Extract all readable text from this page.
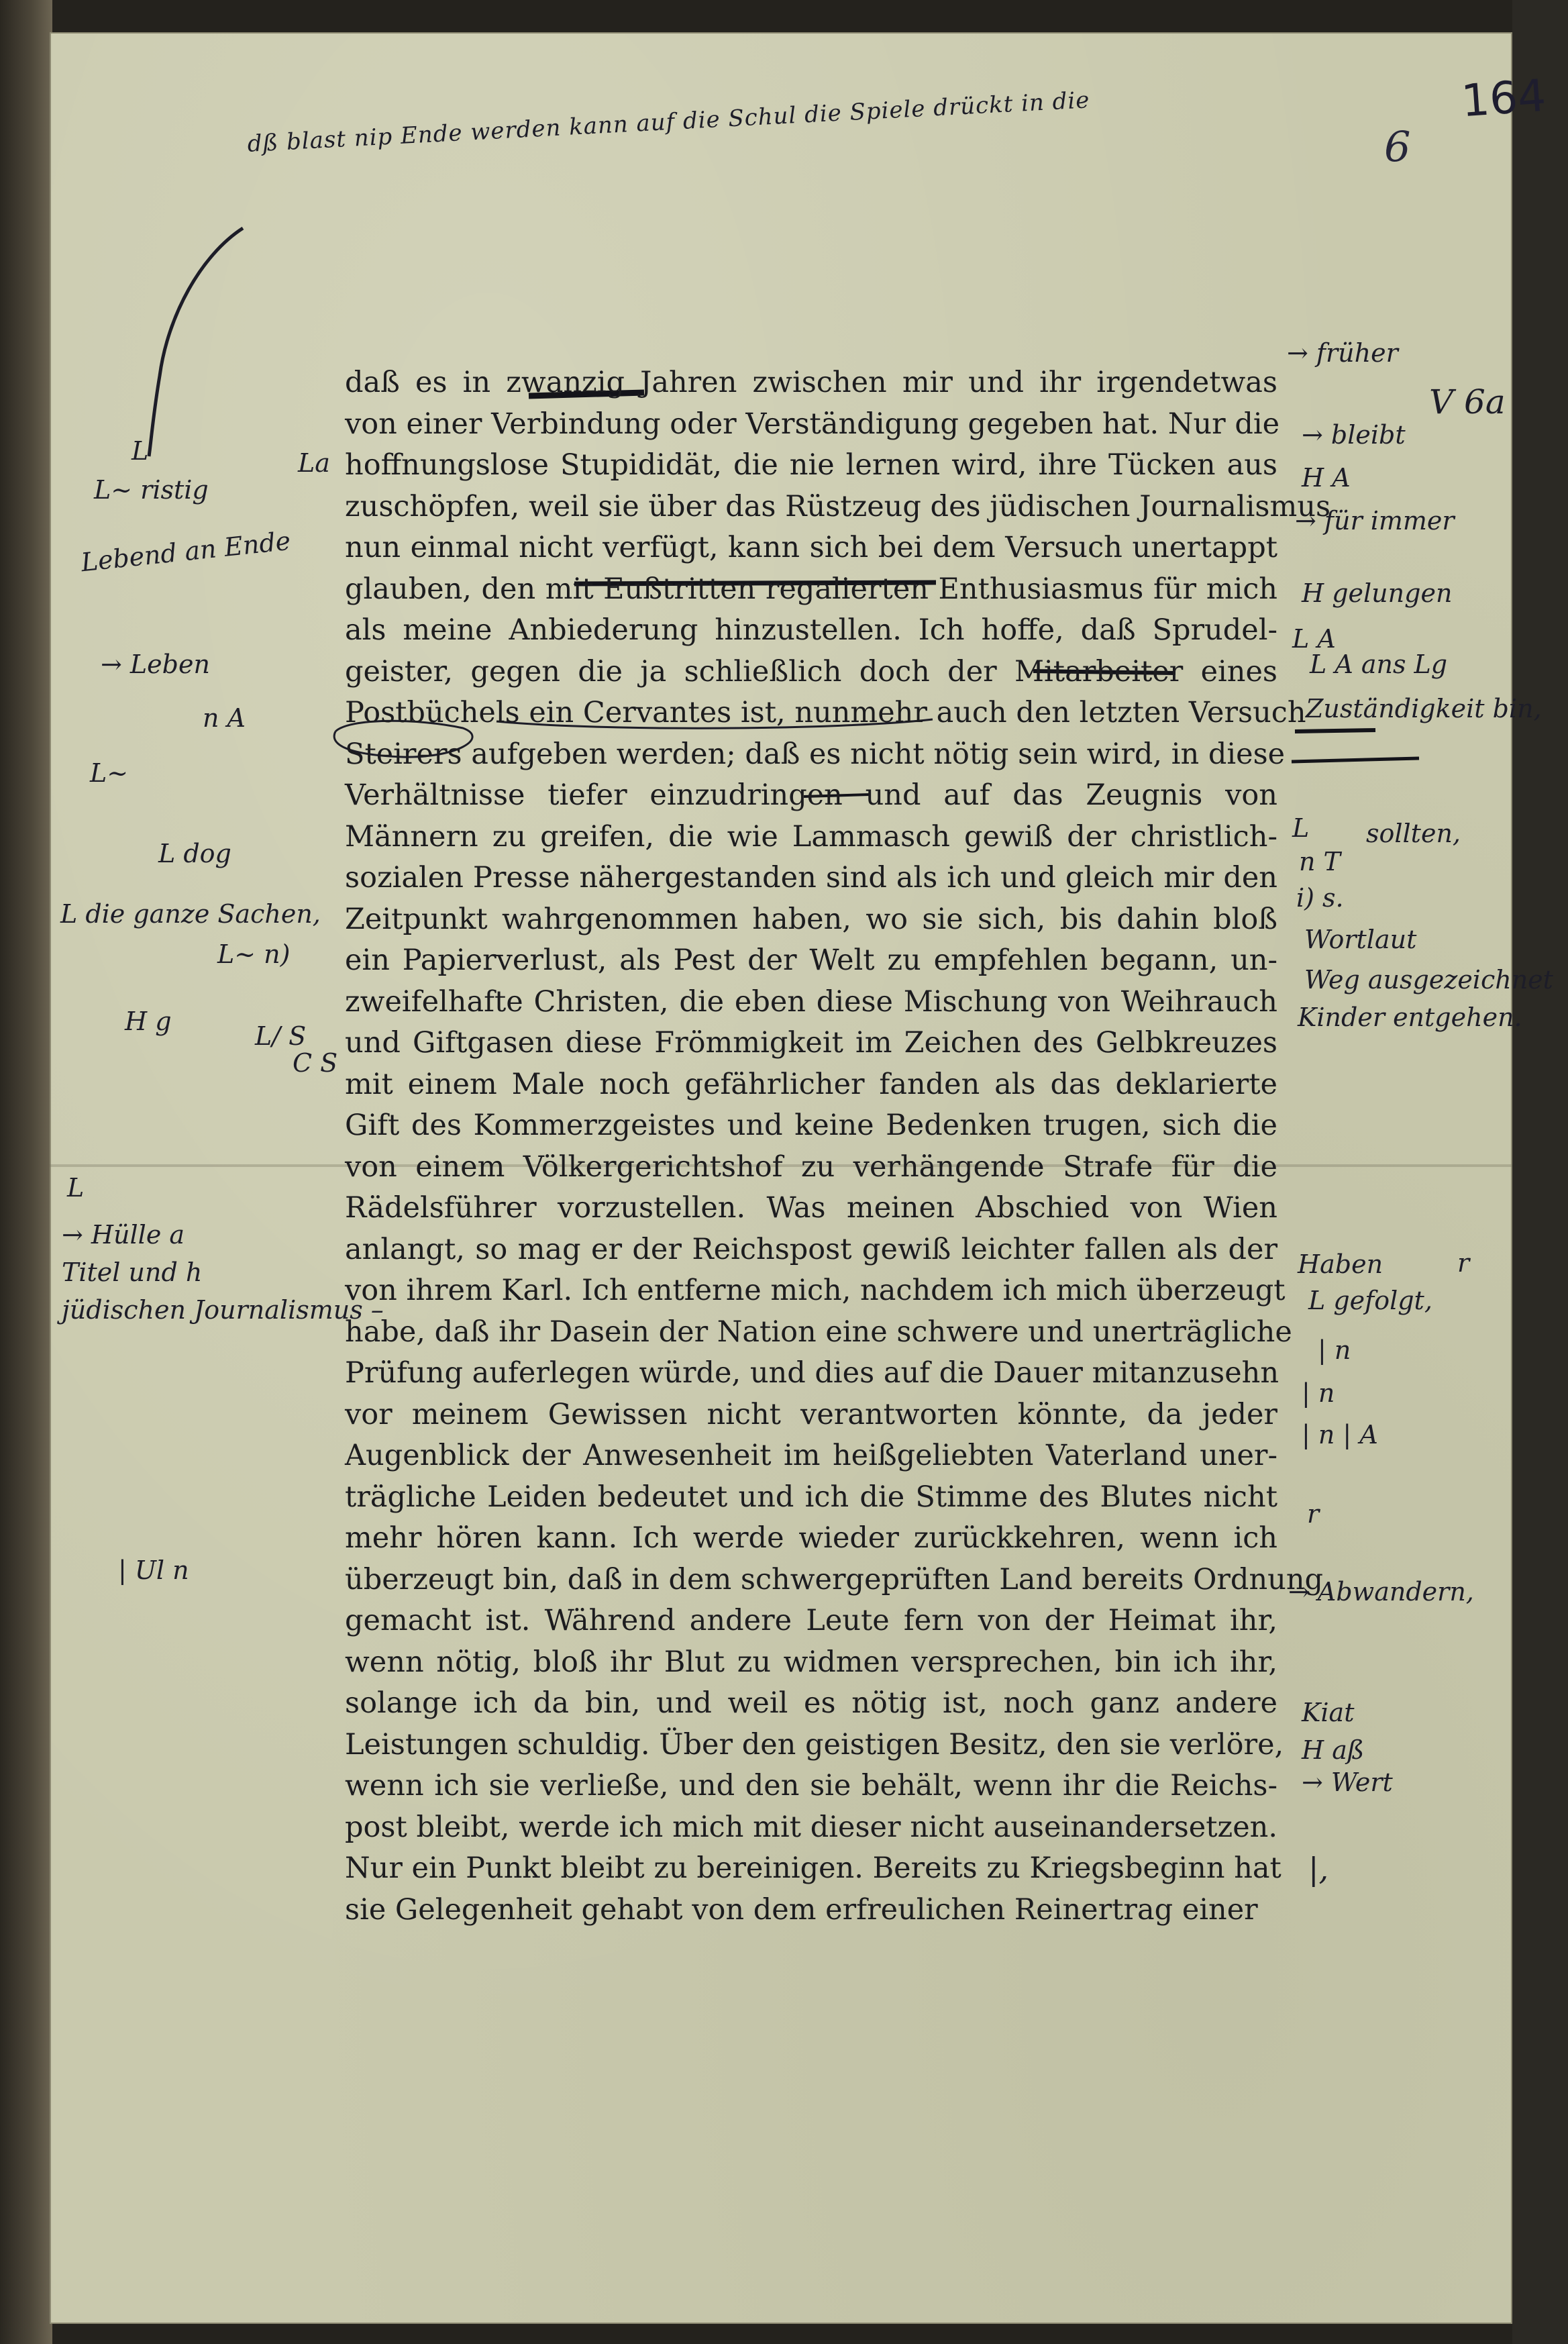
164
6
dß blast nip Ende werden kann auf die Schul die Spiele drückt in die
daß es in zwanzig Jahren zwischen mir und ihr irgendetwas
von einer Verbindung oder Verständigung gegeben hat. Nur die
hoffnungslose Stupididät, die nie lernen wird, ihre Tücken aus
zuschöpfen, weil sie über das Rüstzeug des jüdischen Journalismus
nun einmal nicht verfügt, kann sich bei dem Versuch unertappt
glauben, den mit Eußtritten regalierten Enthusiasmus für mich
als meine Anbiederung hinzustellen. Ich hoffe, daß Sprudel-
geister, gegen die ja schließlich doch der Mitarbeiter eines
Postbüchels ein Cervantes ist, nunmehr auch den letzten Versuch
Steirers aufgeben werden; daß es nicht nötig sein wird, in diese
Verhältnisse tiefer einzudringen und auf das Zeugnis von
Männern zu greifen, die wie Lammasch gewiß der christlich-
sozialen Presse nähergestanden sind als ich und gleich mir den
Zeitpunkt wahrgenommen haben, wo sie sich, bis dahin bloß
ein Papierverlust, als Pest der Welt zu empfehlen begann, un-
zweifelhafte Christen, die eben diese Mischung von Weihrauch
und Giftgasen diese Frömmigkeit im Zeichen des Gelbkreuzes
mit einem Male noch gefährlicher fanden als das deklarierte
Gift des Kommerzgeistes und keine Bedenken trugen, sich die
von einem Völkergerichtshof zu verhängende Strafe für die
Rädelsführer vorzustellen. Was meinen Abschied von Wien
anlangt, so mag er der Reichspost gewiß leichter fallen als der
von ihrem Karl. Ich entferne mich, nachdem ich mich überzeugt
habe, daß ihr Dasein der Nation eine schwere und unerträgliche
Prüfung auferlegen würde, und dies auf die Dauer mitanzusehn
vor meinem Gewissen nicht verantworten könnte, da jeder
Augenblick der Anwesenheit im heißgeliebten Vaterland uner-
trägliche Leiden bedeutet und ich die Stimme des Blutes nicht
mehr hören kann. Ich werde wieder zurückkehren, wenn ich
überzeugt bin, daß in dem schwergeprüften Land bereits Ordnung
gemacht ist. Während andere Leute fern von der Heimat ihr,
wenn nötig, bloß ihr Blut zu widmen versprechen, bin ich ihr,
solange ich da bin, und weil es nötig ist, noch ganz andere
Leistungen schuldig. Über den geistigen Besitz, den sie verlöre,
wenn ich sie verließe, und den sie behält, wenn ihr die Reichs-
post bleibt, werde ich mich mit dieser nicht auseinandersetzen.
Nur ein Punkt bleibt zu bereinigen. Bereits zu Kriegsbeginn hat
sie Gelegenheit gehabt von dem erfreulichen Reinertrag einer
L
L~ ristig
La
Lebend an Ende
→ Leben
n A
L~
L dog
L die ganze Sachen,
L~ n)
H g	L/ S
C S
L
→ Hülle a
Titel und h
jüdischen Journalismus –
| Ul n
→ früher
→ bleibt
V 6a
H A
→ für immer
H gelungen
L A
L A ans Lg
Zuständigkeit bin,
sollten,
n T
i) s.
Wortlaut
Weg ausgezeichnet
Kinder entgehen.
L
r
Haben
L gefolgt,
| n
| n
| n | A
r
→ Abwandern,
Kiat
H aß
→ Wert
|,
